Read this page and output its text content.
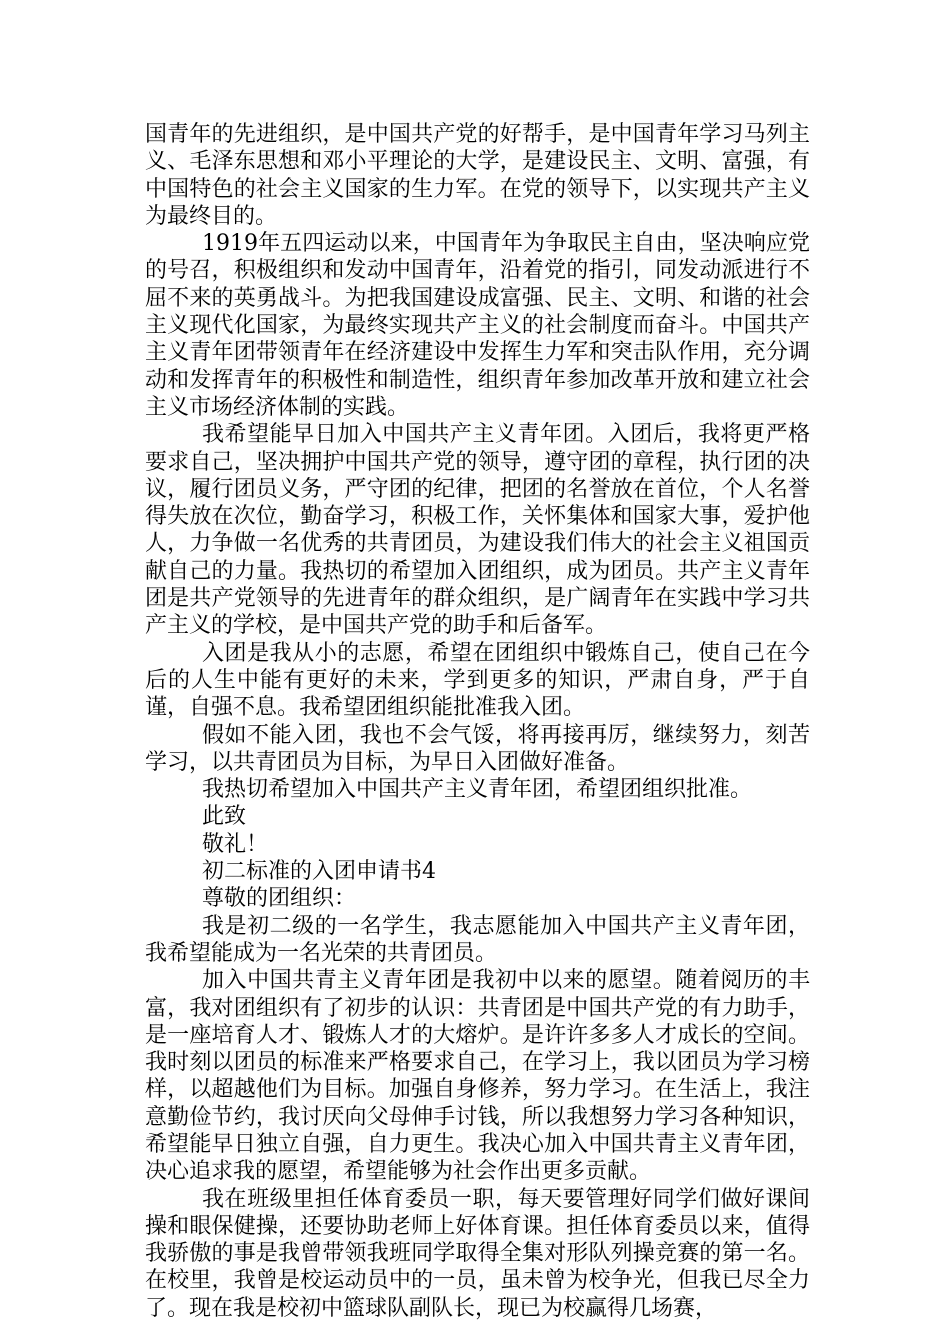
国青年的先进组织，是中国共产党的好帮手，是中国青年学习马列主义、毛泽东思想和邓小平理论的大学，是建设民主、文明、富强，有中国特色的社会主义国家的生力军。在党的领导下，以实现共产主义为最终目的。

1919年五四运动以来，中国青年为争取民主自由，坚决响应党的号召，积极组织和发动中国青年，沿着党的指引，同发动派进行不屈不来的英勇战斗。为把我国建设成富强、民主、文明、和谐的社会主义现代化国家，为最终实现共产主义的社会制度而奋斗。中国共产主义青年团带领青年在经济建设中发挥生力军和突击队作用，充分调动和发挥青年的积极性和制造性，组织青年参加改革开放和建立社会主义市场经济体制的实践。

我希望能早日加入中国共产主义青年团。入团后，我将更严格要求自己，坚决拥护中国共产党的领导，遵守团的章程，执行团的决议，履行团员义务，严守团的纪律，把团的名誉放在首位，个人名誉得失放在次位，勤奋学习，积极工作，关怀集体和国家大事，爱护他人，力争做一名优秀的共青团员，为建设我们伟大的社会主义祖国贡献自己的力量。我热切的希望加入团组织，成为团员。共产主义青年团是共产党领导的先进青年的群众组织，是广阔青年在实践中学习共产主义的学校，是中国共产党的助手和后备军。

入团是我从小的志愿，希望在团组织中锻炼自己，使自己在今后的人生中能有更好的未来，学到更多的知识，严肃自身，严于自谨，自强不息。我希望团组织能批准我入团。

假如不能入团，我也不会气馁，将再接再厉，继续努力，刻苦学习，以共青团员为目标，为早日入团做好准备。

我热切希望加入中国共产主义青年团，希望团组织批准。

此致

敬礼！

初二标准的入团申请书4

尊敬的团组织：

我是初二级的一名学生，我志愿能加入中国共产主义青年团，我希望能成为一名光荣的共青团员。

加入中国共青主义青年团是我初中以来的愿望。随着阅历的丰富，我对团组织有了初步的认识：共青团是中国共产党的有力助手，是一座培育人才、锻炼人才的大熔炉。是许许多多人才成长的空间。我时刻以团员的标准来严格要求自己，在学习上，我以团员为学习榜样，以超越他们为目标。加强自身修养，努力学习。在生活上，我注意勤俭节约，我讨厌向父母伸手讨钱，所以我想努力学习各种知识，希望能早日独立自强，自力更生。我决心加入中国共青主义青年团，决心追求我的愿望，希望能够为社会作出更多贡献。

我在班级里担任体育委员一职，每天要管理好同学们做好课间操和眼保健操，还要协助老师上好体育课。担任体育委员以来，值得我骄傲的事是我曾带领我班同学取得全集对形队列操竞赛的第一名。在校里，我曾是校运动员中的一员，虽未曾为校争光，但我已尽全力了。现在我是校初中篮球队副队长，现已为校赢得几场赛，
